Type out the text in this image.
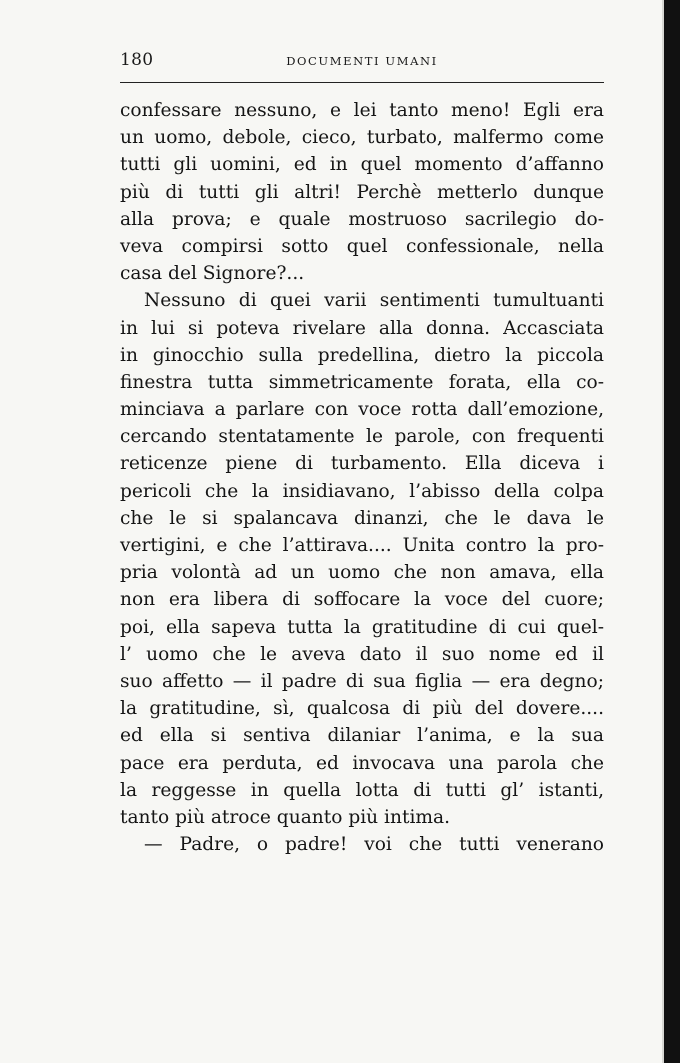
180	DOCUMENTI UMANI
confessare nessuno, e lei tanto meno! Egli era
un uomo, debole, cieco, turbato, malfermo come
tutti gli uomini, ed in quel momento d’affanno
più di tutti gli altri! Perchè metterlo dunque
alla prova; e quale mostruoso sacrilegio do-
veva compirsi sotto quel confessionale, nella
casa del Signore?...
Nessuno di quei varii sentimenti tumultuanti
in lui si poteva rivelare alla donna. Accasciata
in ginocchio sulla predellina, dietro la piccola
finestra tutta simmetricamente forata, ella co-
minciava a parlare con voce rotta dall’emozione,
cercando stentatamente le parole, con frequenti
reticenze piene di turbamento. Ella diceva i
pericoli che la insidiavano, l’abisso della colpa
che le si spalancava dinanzi, che le dava le
vertigini, e che l’attirava.... Unita contro la pro-
pria volontà ad un uomo che non amava, ella
non era libera di soffocare la voce del cuore;
poi, ella sapeva tutta la gratitudine di cui quel-
l’ uomo che le aveva dato il suo nome ed il
suo affetto — il padre di sua figlia — era degno;
la gratitudine, sì, qualcosa di più del dovere....
ed ella si sentiva dilaniar l’anima, e la sua
pace era perduta, ed invocava una parola che
la reggesse in quella lotta di tutti gl’ istanti,
tanto più atroce quanto più intima.
— Padre, o padre! voi che tutti venerano
